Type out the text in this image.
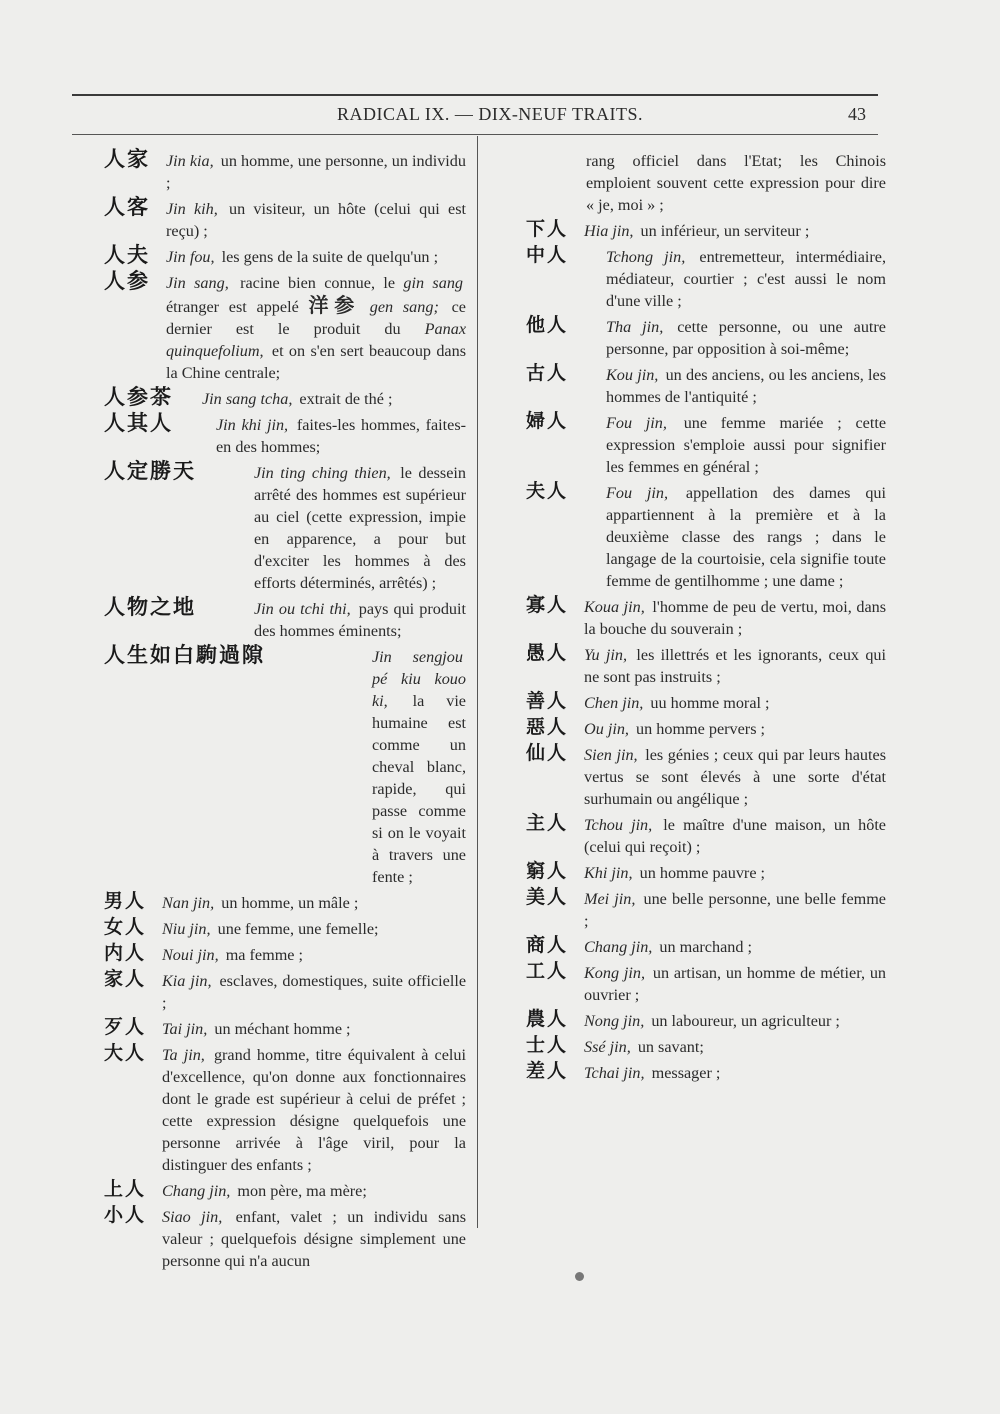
RADICAL IX. — DIX-NEUF TRAITS.	43
人家 Jin kia, un homme, une personne, un individu ;
人客 Jin kih, un visiteur, un hôte (celui qui est reçu) ;
人夫 Jin fou, les gens de la suite de quelqu'un ;
人参 Jin sang, racine bien connue, le gin sang étranger est appelé 洋参 gen sang; ce dernier est le produit du Panax quinquefolium, et on s'en sert beaucoup dans la Chine centrale;
人参茶 Jin sang tcha, extrait de thé ;
人其人	Jin khi jin, faites-les hommes, faites-en des hommes;
人定勝天	Jin ting ching thien, le dessein arrêté des hommes est supérieur au ciel (cette expression, impie en apparence, a pour but d'exciter les hommes à des efforts déterminés, arrêtés) ;
人物之地	Jin ou tchi thi, pays qui produit des hommes éminents;
人生如白駒過隙	Jin sengjou pé kiu kouo ki, la vie humaine est comme un cheval blanc, rapide, qui passe comme si on le voyait à travers une fente ;
男人 Nan jin, un homme, un mâle ;
女人 Niu jin, une femme, une femelle;
内人 Noui jin, ma femme ;
家人 Kia jin, esclaves, domestiques, suite officielle ;
歹人 Tai jin, un méchant homme ;
大人 Ta jin, grand homme, titre équivalent à celui d'excellence, qu'on donne aux fonctionnaires dont le grade est supérieur à celui de préfet ; cette expression désigne quelquefois une personne arrivée à l'âge viril, pour la distinguer des enfants ;
上人 Chang jin, mon père, ma mère;
小人 Siao jin, enfant, valet ; un individu sans valeur ; quelquefois désigne simplement une personne qui n'a aucun
rang officiel dans l'Etat; les Chinois emploient souvent cette expression pour dire « je, moi » ;
下人 Hia jin, un inférieur, un serviteur ;
中人 Tchong jin, entremetteur, intermédiaire, médiateur, courtier ; c'est aussi le nom d'une ville ;
他人 Tha jin, cette personne, ou une autre personne, par opposition à soi-même;
古人 Kou jin, un des anciens, ou les anciens, les hommes de l'antiquité ;
婦人 Fou jin, une femme mariée ; cette expression s'emploie aussi pour signifier les femmes en général ;
夫人 Fou jin, appellation des dames qui appartiennent à la première et à la deuxième classe des rangs ; dans le langage de la courtoisie, cela signifie toute femme de gentilhomme ; une dame ;
寡人 Koua jin, l'homme de peu de vertu, moi, dans la bouche du souverain ;
愚人 Yu jin, les illettrés et les ignorants, ceux qui ne sont pas instruits ;
善人 Chen jin, uu homme moral ;
惡人 Ou jin, un homme pervers ;
仙人 Sien jin, les génies ; ceux qui par leurs hautes vertus se sont élevés à une sorte d'état surhumain ou angélique ;
主人 Tchou jin, le maître d'une maison, un hôte (celui qui reçoit) ;
窮人 Khi jin, un homme pauvre ;
美人 Mei jin, une belle personne, une belle femme ;
商人 Chang jin, un marchand ;
工人 Kong jin, un artisan, un homme de métier, un ouvrier ;
農人 Nong jin, un laboureur, un agriculteur ;
士人 Ssé jin, un savant;
差人 Tchai jin, messager ;
